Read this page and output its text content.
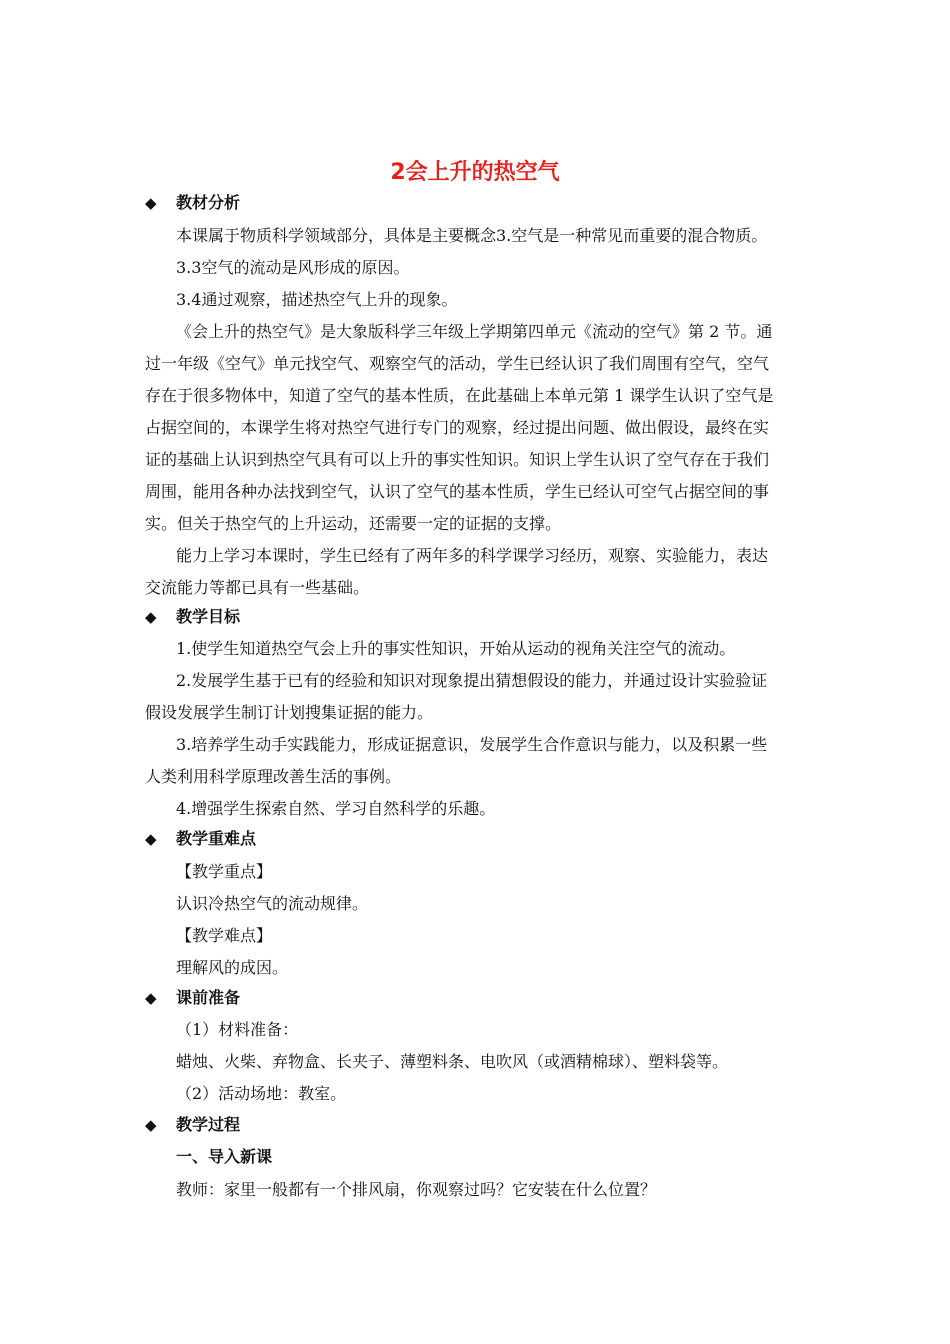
2会上升的热空气
◆ 教材分析
本课属于物质科学领域部分，具体是主要概念3.空气是一种常见而重要的混合物质。
3.3空气的流动是风形成的原因。
3.4通过观察，描述热空气上升的现象。
《会上升的热空气》是大象版科学三年级上学期第四单元《流动的空气》第 2 节。通
过一年级《空气》单元找空气、观察空气的活动，学生已经认识了我们周围有空气，空气
存在于很多物体中，知道了空气的基本性质，在此基础上本单元第 1 课学生认识了空气是
占据空间的，本课学生将对热空气进行专门的观察，经过提出问题、做出假设，最终在实
证的基础上认识到热空气具有可以上升的事实性知识。知识上学生认识了空气存在于我们
周围，能用各种办法找到空气，认识了空气的基本性质，学生已经认可空气占据空间的事
实。但关于热空气的上升运动，还需要一定的证据的支撑。
能力上学习本课时，学生已经有了两年多的科学课学习经历，观察、实验能力，表达
交流能力等都已具有一些基础。
◆ 教学目标
1.使学生知道热空气会上升的事实性知识，开始从运动的视角关注空气的流动。
2.发展学生基于已有的经验和知识对现象提出猜想假设的能力，并通过设计实验验证
假设发展学生制订计划搜集证据的能力。
3.培养学生动手实践能力，形成证据意识，发展学生合作意识与能力，以及积累一些
人类利用科学原理改善生活的事例。
4.增强学生探索自然、学习自然科学的乐趣。
◆ 教学重难点
【教学重点】
认识冷热空气的流动规律。
【教学难点】
理解风的成因。
◆ 课前准备
（1）材料准备：
蜡烛、火柴、弃物盒、长夹子、薄塑料条、电吹风（或酒精棉球）、塑料袋等。
（2）活动场地：教室。
◆ 教学过程
一、导入新课
教师：家里一般都有一个排风扇，你观察过吗？它安装在什么位置？
